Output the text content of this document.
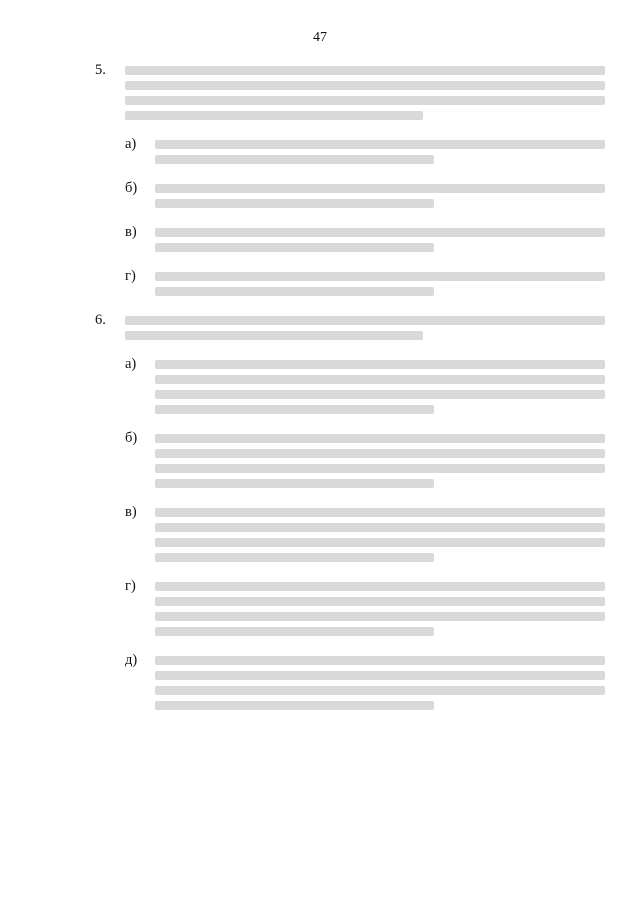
47
5.
а)
б)
в)
г)
6.
а)
б)
в)
г)
д)
